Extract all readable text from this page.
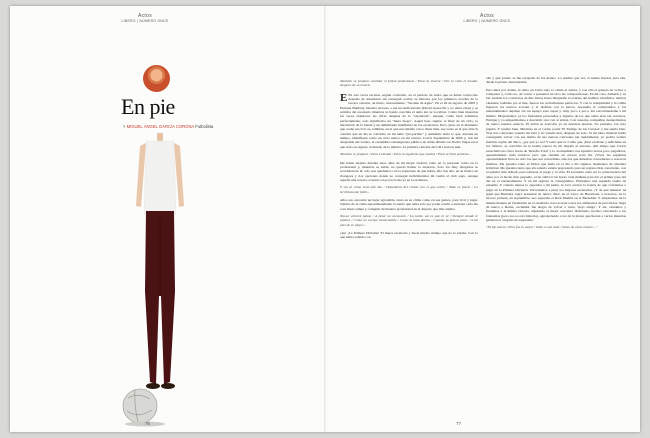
Actos
LIBERO | NÚMERO ONCE
En pie
× MIGUEL ÁNGEL GARCÍA CORONA Futbolista
76
Actos
LIBERO | NÚMERO ONCE

Tambien se propuso cambiar el futbol profesional / Para la muerte / Por lo visto el mundo, despues de su muerte

E En tres veces escritas, seguía corriendo, en el periodo de retiro que se había convocado después de abandonar sin conseguir acabar su historia, por los primeros acordes de la tercera canción, de título, curiosamente, "Sácame de Agua". En el 26 de Agosto de 2005 y Enrique Bunbury lanzaba un beso a sus incondicionales (David Genocchi y yo entre ellos) y se retiraba del escenario mientras la banda concluía el tema sin su vocalista. Como bien muestras las veces anteriores las cifras después de la "espantada", aunque, como bien sabíamos perfectamente, solo significaba un "hasta luego". Aquél beso supuso el final de un ciclo, la disolución de la banda y un delimitante indefinido de los escenarios. Pero, justo en el momento que acaba un ciclo es, también, en el que uno mismo crece. Pues bien, ese verso es el que abre la canción que en día se convirtió en mi tema "pre-partido" y asimismo abría lo que, durante un tiempo, identifiqué como un ciclo nuevo en mi carrera. Corría Septiembre de 2006 y, tras mi despedida del verano, el carismático managerono público un doble álbum con Nacho Vegas en el que sería su regreso al mundo de la música. La primera canción del CD1 sería la mía.

Tambien se propuso / Para el deudo / Para lo siguiente que vendrá / Para el Dios provisto…

Me había alejado durante unos años de mi mejor versión, tanto en lo personal como en lo profesional y, mientras se subía, no quería llamar la atención. Solo los muy allegados se acordaban de él, solo nos quedamos con la esperanza de que había, año tras año, en su blanco en Zaragoza y dos opciones donde no conseguí individualizar mi vuelta al club suyo, aunque aquella una tercera ocasión con pocas balas ya en la recámara.

Y sin sé cómo será este día / Dependerá del cristal con el que mires / Todo es fuerte / Lo terriblemente bello…

Años así, encontré un lugar agradable, tanto en su clima como en sus gentes, para vivir y jugar. Saltaba de la cama espontáneamente la suerte que tenía solo por poder acudir a entrenar cada día a un buen campo y competir de manera profesional en el deporte que más amaba.

Nunca volverá jamás / A pisar un escenario / La tarde, así es que lo sé / Siempre donde le plantes / Como un cuerpo incalculable / Como la bala dorma / Cuando la quiera pisar / A los pies de su mujer…

¡Ay! ¡La Primera División! El mejor escenario y hacía mucho tiempo que no lo pisaba. Con lo que había soñado con

ella y qué pronto se me escapaba de las manos. Lo tendría que ver, si reunía fuerzas para ella, desde la platea, inalcanzable.

Pero mira por donde, el retiro en Cuba trajo la calma al artista, y con ella el ganado de volver a componer y, como no, de volver a presentar en vivo las composiciones. En mi caso, Almería y su bar estaban los conciertos de mis labios hasta dibujarme la sonrisa del hombre triunfador. Ambos ciudades, bañadas por el mar, fueron los revitalizantes perfectos. Y con la tranquilidad y la calma llegaron los nuevos acordes y el disfrute con la pelota. Ascendía el compromiso y los entrenamientos dejaban ver un equipo esas capaz y, muy poco a poco, iba encontrándome a mí mismo. Disponíamos ya los fantasmas personales y dejados de los que antes eran tan cercanos, Enrique y yo empezábamos a descubrir otra vez al artista. Con nuestras compañías destapábamos de nuevo nuestra esencia. El balón se acercaba ya en nuestras piernas. No pensaba, tan solo jugaba. Y sonaba bien. Mientras en el coche, ponía 'El Tiempo de las Cerezas' y me sentía bien. Tras tres canciones sonaría mi vida y no sonaba mal, después de todo. Si mi ídolo musical había conseguido volver con ese ánimo de sus nuevas canciones tan rápidamente, yo podría vender muchas copias del disco, ¿por qué yo no? Y tanto que sí. Como que, ¡Pisó en mano y suficiente en los ritmos!, se convirtió en la banda sonora de mi llegada al entorno. Ahí amigo que Carlos escuchaba las cinco horas de 'Desafío Total' y lo acompañaba con aquellos textos poco pegadizos, aparentemente nada técnicos pero que rendían en exceso para mí. ¡Vivas las segundas oportunidades! Pero no sólo las que son concedidas, sino las que debemos concedernos a nosotros mismos. Me gustaba tanto el fútbol que hallé en el día a día algunos momentos de absoluta felicidad. Me gustaba tanto que sin saberlo estaba preparando para un regreso más consciente, con el paladar más afinado para saborear el juego y la vida. El escenario solía ser la consecuencia del amor por el hecho más pequeño, el de cultivar las horas cada mañana para dar el primer pase del día en el entrenamiento. Y en mí regresó la conseguimos. Firmamos una segunda vuelta de ensueño. Y cuando menos lo esperaba a mi padre, le tocó acertar la lotería de que volvíamos a jugar en la Primera División. Volveríamos a pisar los mejores escenarios. ¡Y de qué manera! Al igual que Bunbury logró presentar su nuevo disco en el Liceo de Barcelona, a nosotros, en la tercera jornada, en septiembre, nos esperaba el Real Madrid en el Bernabéu. Y empatamos de la misma manera en Chamartín en el resultado, tras recorrer todos los anfiteatros de provincias. llegó de nuevo a Roma, cachaimé 'me alegro de volver a verte, viejo amigo'. Y así, cantamos y frenamos a la última victoria, siguiendo el mejor concierto disfrutado, incluso venciendo a los fantasmas (pero eso es otra historia), agradeciendo a los de la platea que fueran a verlos mientras gritaban el carguito de esperanza:

"Ni fue bueno / Pero fue lo mejor / Todo o casi todo / Salvo de otras mieses…"

77
